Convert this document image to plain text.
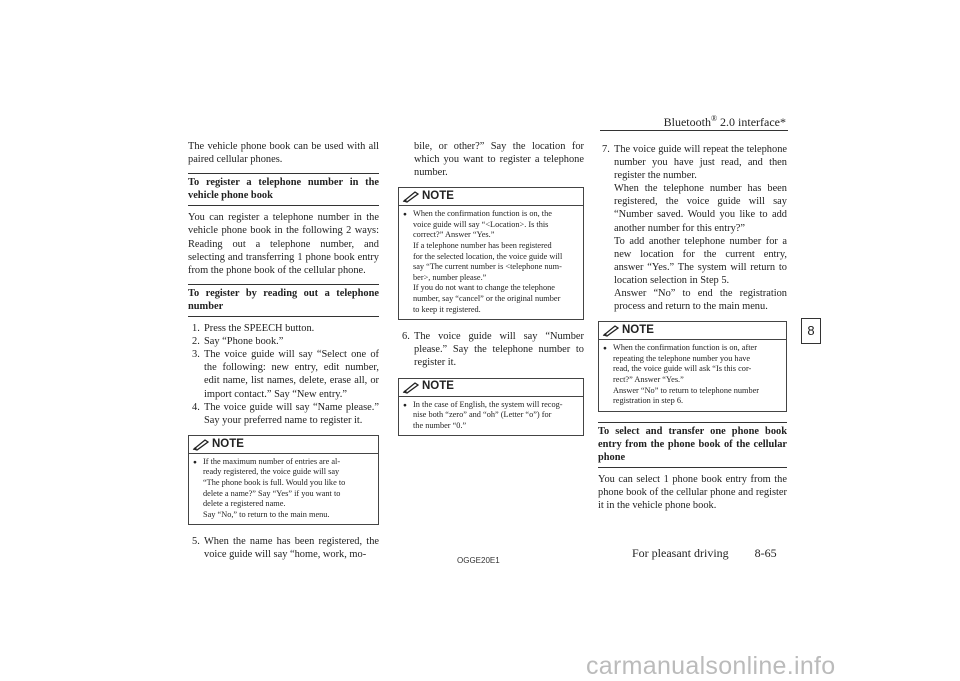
Bluetooth® 2.0 interface*
8

The vehicle phone book can be used with all paired cellular phones.

To register a telephone number in the vehicle phone book

You can register a telephone number in the vehicle phone book in the following 2 ways: Reading out a telephone number, and selecting and transferring 1 phone book entry from the phone book of the cellular phone.

To register by reading out a telephone number
1. Press the SPEECH button.
2. Say “Phone book.”
3. The voice guide will say “Select one of the following: new entry, edit number, edit name, list names, delete, erase all, or import contact.” Say “New entry.”
4. The voice guide will say “Name please.” Say your preferred name to register it.
NOTE
● If the maximum number of entries are al-
ready registered, the voice guide will say
“The phone book is full. Would you like to
delete a name?” Say “Yes” if you want to
delete a registered name.
Say “No,” to return to the main menu.
5. When the name has been registered, the voice guide will say “home, work, mo-

bile, or other?” Say the location for which you want to register a telephone number.

NOTE
● When the confirmation function is on, the
voice guide will say “<Location>. Is this
correct?” Answer “Yes.”
If a telephone number has been registered
for the selected location, the voice guide will
say “The current number is <telephone num-
ber>, number please.”
If you do not want to change the telephone
number, say “cancel” or the original number
to keep it registered.
6. The voice guide will say “Number please.” Say the telephone number to register it.
NOTE
● In the case of English, the system will recog-
nise both “zero” and “oh” (Letter “o”) for
the number “0.”
7. The voice guide will repeat the telephone number you have just read, and then register the number.

When the telephone number has been registered, the voice guide will say “Number saved. Would you like to add another number for this entry?”

To add another telephone number for a new location for the current entry, answer “Yes.” The system will return to location selection in Step 5.

Answer “No” to end the registration process and return to the main menu.

NOTE
● When the confirmation function is on, after
repeating the telephone number you have
read, the voice guide will ask “Is this cor-
rect?” Answer “Yes.”
Answer “No” to return to telephone number
registration in step 6.
To select and transfer one phone book entry from the phone book of the cellular phone

You can select 1 phone book entry from the phone book of the cellular phone and register it in the vehicle phone book.

OGGE20E1
For pleasant driving 8-65
carmanualsonline.info
